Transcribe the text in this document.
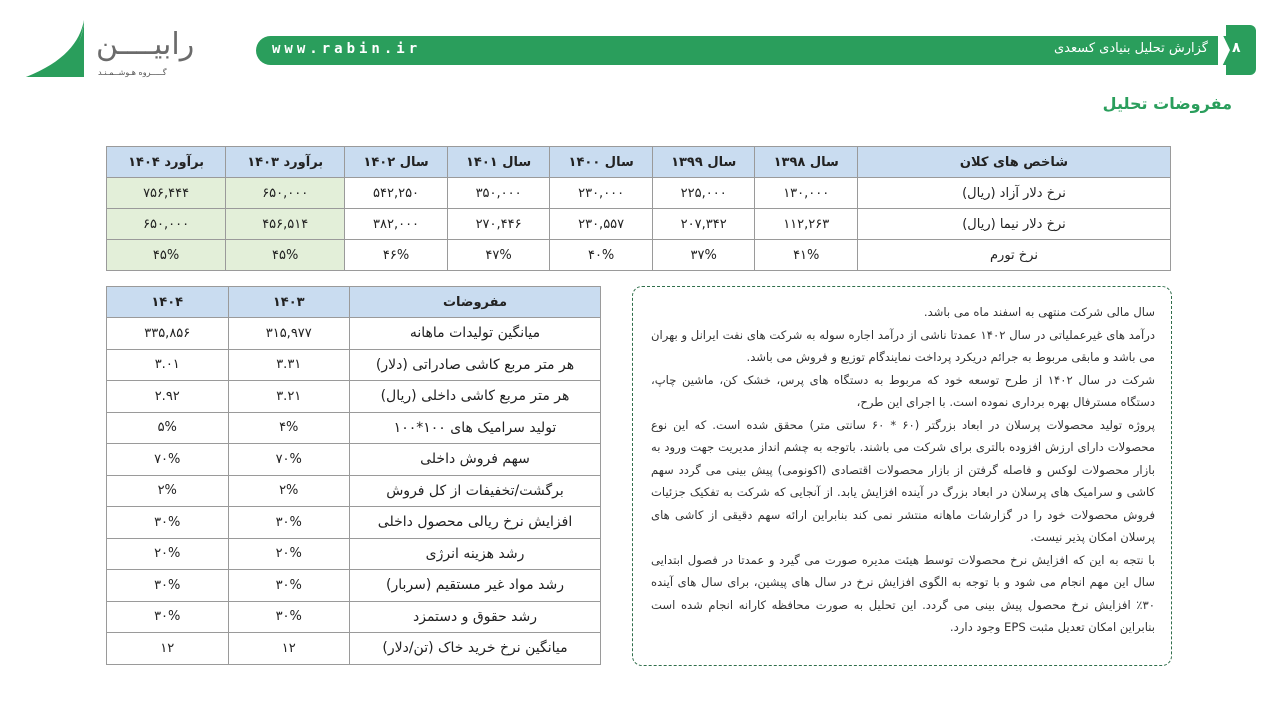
رابیــــن
گـــــروه هـوشــمـنـد
www.rabin.ir	گزارش تحلیل بنیادی کسعدی ۸
مفروضات تحلیل
شاخص های کلان	سال ۱۳۹۸	سال ۱۳۹۹	سال ۱۴۰۰	سال ۱۴۰۱	سال ۱۴۰۲	برآورد ۱۴۰۳	برآورد ۱۴۰۴
نرخ دلار آزاد (ریال)	۱۳۰,۰۰۰	۲۲۵,۰۰۰	۲۳۰,۰۰۰	۳۵۰,۰۰۰	۵۴۲,۲۵۰	۶۵۰,۰۰۰	۷۵۶,۴۴۴
نرخ دلار نیما (ریال)	۱۱۲,۲۶۳	۲۰۷,۳۴۲	۲۳۰,۵۵۷	۲۷۰,۴۴۶	۳۸۲,۰۰۰	۴۵۶,۵۱۴	۶۵۰,۰۰۰
نرخ تورم	۴۱%	۳۷%	۴۰%	۴۷%	۴۶%	۴۵%	۴۵%
مفروضات	۱۴۰۳	۱۴۰۴
میانگین تولیدات ماهانه	۳۱۵,۹۷۷	۳۳۵,۸۵۶
هر متر مربع کاشی صادراتی (دلار)	۳.۳۱	۳.۰۱
هر متر مربع کاشی داخلی (ریال)	۳.۲۱	۲.۹۲
تولید سرامیک های ۱۰۰*۱۰۰	۴%	۵%
سهم فروش داخلی	۷۰%	۷۰%
برگشت/تخفیفات از کل فروش	۲%	۲%
افزایش نرخ ریالی محصول داخلی	۳۰%	۳۰%
رشد هزینه انرژی	۲۰%	۲۰%
رشد مواد غیر مستقیم (سربار)	۳۰%	۳۰%
رشد حقوق و دستمزد	۳۰%	۳۰%
میانگین نرخ خرید خاک (تن/دلار)	۱۲	۱۲

سال مالی شرکت منتهی به اسفند ماه می باشد.

درآمد های غیرعملیاتی در سال ۱۴۰۲ عمدتا ناشی از درآمد اجاره سوله به شرکت های نفت ایرانل و بهران می باشد و مابقی مربوط به جرائم دریکرد پرداخت نمایندگام توزیع و فروش می باشد.

شرکت در سال ۱۴۰۲ از طرح توسعه خود که مربوط به دستگاه های پرس، خشک کن، ماشین چاپ، دستگاه مسترفال بهره برداری نموده است. با اجرای این طرح،

پروژه تولید محصولات پرسلان در ابعاد بزرگتر (۶۰ * ۶۰ سانتی متر) محقق شده است. که این نوع محصولات دارای ارزش افزوده بالتری برای شرکت می باشند. باتوجه به چشم انداز مدیریت جهت ورود به بازار محصولات لوکس و فاصله گرفتن از بازار محصولات اقتصادی (اکونومی) پیش بینی می گردد سهم کاشی و سرامیک های پرسلان در ابعاد بزرگ در آینده افزایش یابد. از آنجایی که شرکت به تفکیک جزئیات فروش محصولات خود را در گزارشات ماهانه منتشر نمی کند بنابراین ارائه سهم دقیقی از کاشی های پرسلان امکان پذیر نیست.

با نتجه به این که افزایش نرخ محصولات توسط هیئت مدیره صورت می گیرد و عمدتا در فصول ابتدایی سال این مهم انجام می شود و با توجه به الگوی افزایش نرخ در سال های پیشین، برای سال های آینده ۳۰٪ افزایش نرخ محصول پیش بینی می گردد. این تحلیل به صورت محافظه کارانه انجام شده است بنابراین امکان تعدیل مثبت EPS وجود دارد.
